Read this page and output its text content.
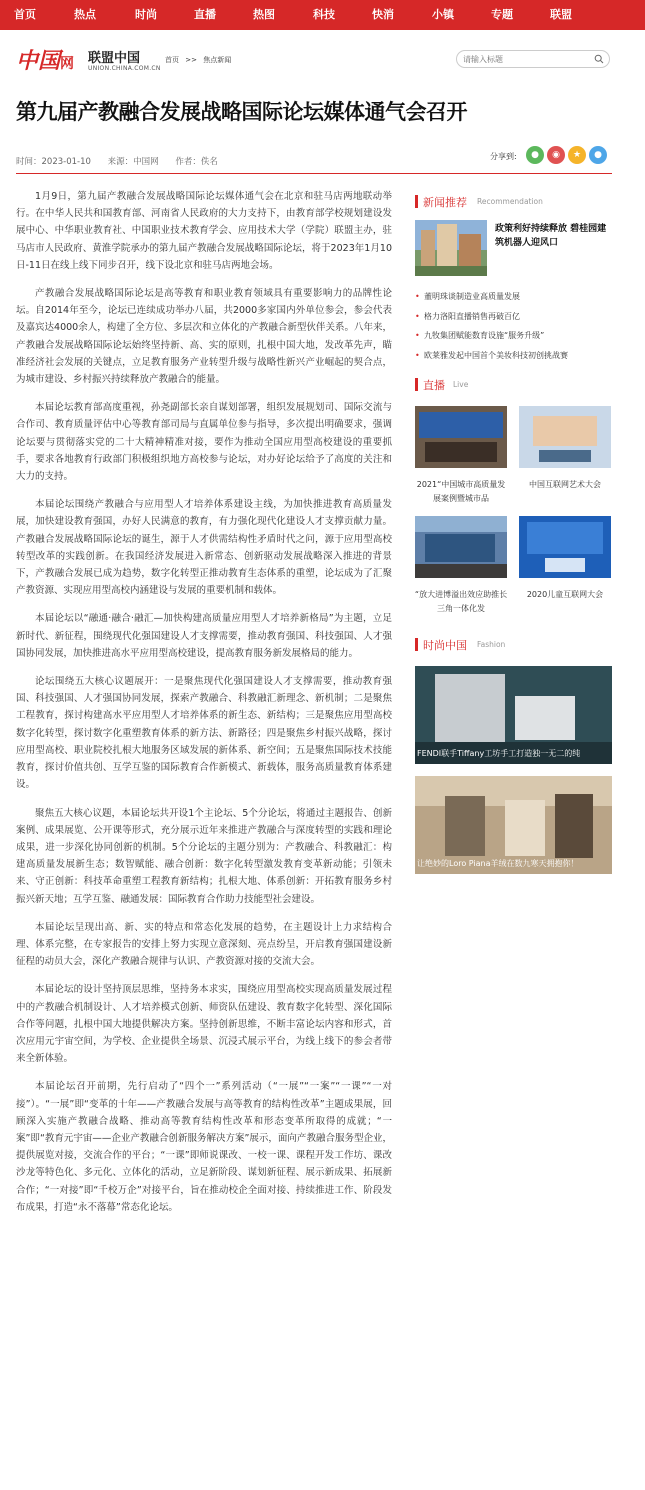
首页	热点	时尚	直播	热图	科技	快消	小镇	专题	联盟
中国网 联盟中国
UNION.CHINA.COM.CN
首页 >> 焦点新闻
请输入标题
第九届产教融合发展战略国际论坛媒体通气会召开
时间：2023-01-10 来源：中国网 作者：佚名
分享到:	●	◉	★	●

1月9日，第九届产教融合发展战略国际论坛媒体通气会在北京和驻马店两地联动举行。在中华人民共和国教育部、河南省人民政府的大力支持下，由教育部学校规划建设发展中心、中华职业教育社、中国职业技术教育学会、应用技术大学（学院）联盟主办，驻马店市人民政府、黄淮学院承办的第九届产教融合发展战略国际论坛，将于2023年1月10日-11日在线上线下同步召开，线下设北京和驻马店两地会场。

产教融合发展战略国际论坛是高等教育和职业教育领域具有重要影响力的品牌性论坛。自2014年至今，论坛已连续成功举办八届，共2000多家国内外单位参会，参会代表及嘉宾达4000余人，构建了全方位、多层次和立体化的产教融合新型伙伴关系。八年来，产教融合发展战略国际论坛始终坚持新、高、实的原则，扎根中国大地，发改革先声，瞄准经济社会发展的关键点，立足教育服务产业转型升级与战略性新兴产业崛起的契合点，为城市建设、乡村振兴持续释放产教融合的能量。

本届论坛教育部高度重视，孙尧副部长亲自谋划部署，组织发展规划司、国际交流与合作司、教育质量评估中心等教育部司局与直属单位参与指导，多次提出明确要求，强调论坛要与贯彻落实党的二十大精神精准对接，要作为推动全国应用型高校建设的重要抓手，要求各地教育行政部门积极组织地方高校参与论坛，对办好论坛给予了高度的关注和大力的支持。

本届论坛围绕产教融合与应用型人才培养体系建设主线，为加快推进教育高质量发展，加快建设教育强国，办好人民满意的教育，有力强化现代化建设人才支撑贡献力量。产教融合发展战略国际论坛的诞生，源于人才供需结构性矛盾时代之问，源于应用型高校转型改革的实践创新。在我国经济发展进入新常态、创新驱动发展战略深入推进的背景下，产教融合发展已成为趋势，数字化转型正推动教育生态体系的重塑，论坛成为了汇聚产教资源、实现应用型高校内涵建设与发展的重要机制和载体。

本届论坛以“融通·融合·融汇—加快构建高质量应用型人才培养新格局”为主题，立足新时代、新征程，围绕现代化强国建设人才支撑需要，推动教育强国、科技强国、人才强国协同发展，加快推进高水平应用型高校建设，提高教育服务新发展格局的能力。

论坛围绕五大核心议题展开：一是聚焦现代化强国建设人才支撑需要，推动教育强国、科技强国、人才强国协同发展，探索产教融合、科教融汇新理念、新机制；二是聚焦工程教育，探讨构建高水平应用型人才培养体系的新生态、新结构；三是聚焦应用型高校数字化转型，探讨数字化重塑教育体系的新方法、新路径；四是聚焦乡村振兴战略，探讨应用型高校、职业院校扎根大地服务区域发展的新体系、新空间；五是聚焦国际技术技能教育，探讨价值共创、互学互鉴的国际教育合作新模式、新载体，服务高质量教育体系建设。

聚焦五大核心议题，本届论坛共开设1个主论坛、5个分论坛，将通过主题报告、创新案例、成果展览、公开课等形式，充分展示近年来推进产教融合与深度转型的实践和理论成果，进一步深化协同创新的机制。5个分论坛的主题分别为：产教融合、科教融汇：构建高质量发展新生态；数智赋能、融合创新：数字化转型激发教育变革新动能；引领未来、守正创新：科技革命重塑工程教育新结构；扎根大地、体系创新：开拓教育服务乡村振兴新天地；互学互鉴、融通发展：国际教育合作助力技能型社会建设。

本届论坛呈现出高、新、实的特点和常态化发展的趋势，在主题设计上力求结构合理、体系完整，在专家报告的安排上努力实现立意深刻、亮点纷呈，开启教育强国建设新征程的动员大会，深化产教融合规律与认识、产教资源对接的交流大会。

本届论坛的设计坚持顶层思维，坚持务本求实，围绕应用型高校实现高质量发展过程中的产教融合机制设计、人才培养模式创新、师资队伍建设、教育数字化转型、深化国际合作等问题，扎根中国大地提供解决方案。坚持创新思维，不断丰富论坛内容和形式，首次应用元宇宙空间，为学校、企业提供全场景、沉浸式展示平台，为线上线下的参会者带来全新体验。

本届论坛召开前期，先行启动了“四个一”系列活动（“一展”“一案”“一课”“一对接”）。“一展”即“变革的十年——产教融合发展与高等教育的结构性改革”主题成果展，回顾深入实施产教融合战略、推动高等教育结构性改革和形态变革所取得的成就；“一案”即“教育元宇宙——企业产教融合创新服务解决方案”展示，面向产教融合服务型企业，提供展览对接，交流合作的平台；“一课”即师说课改、一校一课、课程开发工作坊、课改沙龙等特色化、多元化、立体化的活动，立足新阶段、谋划新征程、展示新成果、拓展新合作；“一对接”即“千校万企”对接平台，旨在推动校企全面对接、持续推进工作、阶段发布成果，打造“永不落幕”常态化论坛。

新闻推荐 Recommendation
政策利好持续释放 碧桂园建筑机器人迎风口
• 董明珠谈制造业高质量发展
• 格力洛阳直播销售再破百亿
• 九牧集团赋能数育设施“服务升级”
• 欧莱雅发起中国首个美妆科技初创挑战赛
直播 Live
2021“中国城市高质量发展案例暨城市品
中国互联网艺术大会
“放大进博溢出效应助推长三角一体化发
2020儿童互联网大会
时尚中国 Fashion
FENDI联手Tiffany工坊手工打造独一无二的纯
让绝妙的Loro Piana羊绒在数九寒天拥抱你！
